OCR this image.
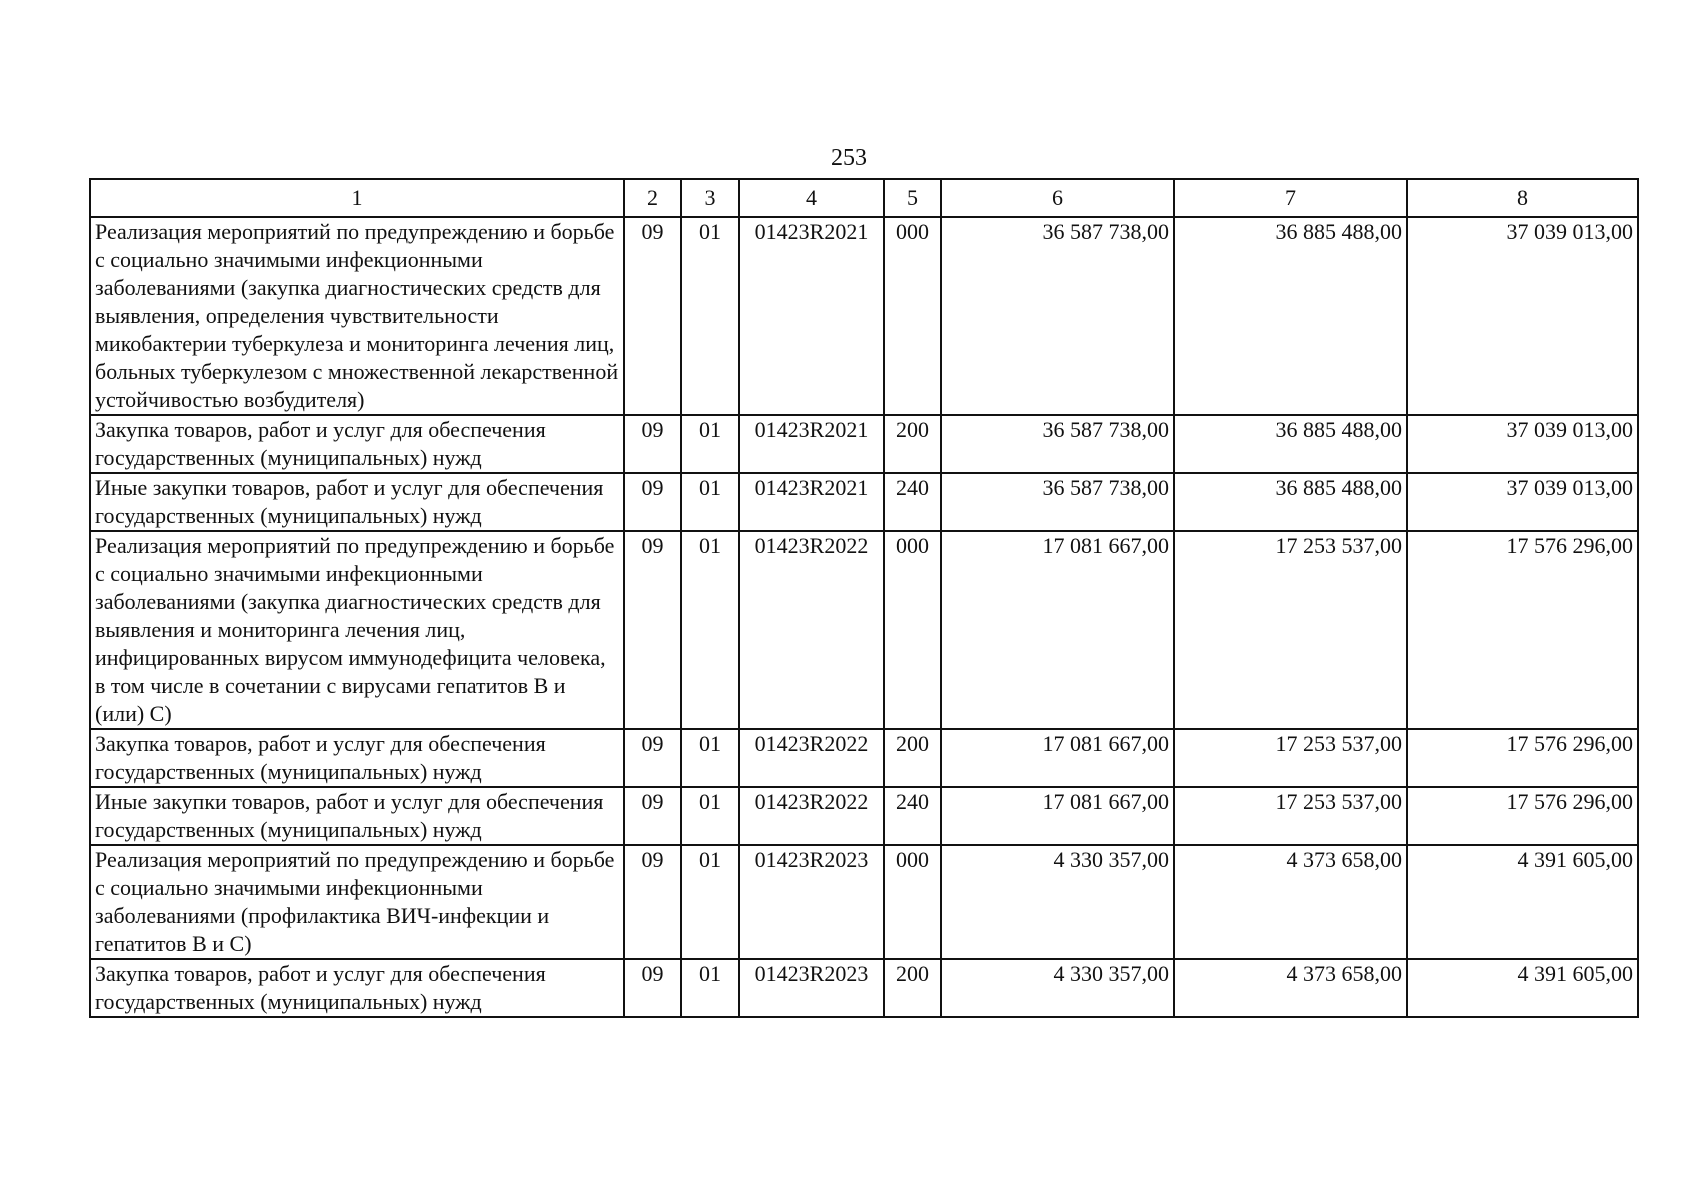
253
1	2	3	4	5	6	7	8
Реализация мероприятий по предупреждению и борьбе с социально значимыми инфекционными заболеваниями (закупка диагностических средств для выявления, определения чувствительности микобактерии туберкулеза и мониторинга лечения лиц, больных туберкулезом с множественной лекарственной устойчивостью возбудителя)	09	01	01423R2021	000	36 587 738,00	36 885 488,00	37 039 013,00
Закупка товаров, работ и услуг для обеспечения государственных (муниципальных) нужд	09	01	01423R2021	200	36 587 738,00	36 885 488,00	37 039 013,00
Иные закупки товаров, работ и услуг для обеспечения государственных (муниципальных) нужд	09	01	01423R2021	240	36 587 738,00	36 885 488,00	37 039 013,00
Реализация мероприятий по предупреждению и борьбе с социально значимыми инфекционными заболеваниями (закупка диагностических средств для выявления и мониторинга лечения лиц, инфицированных вирусом иммунодефицита человека, в том числе в сочетании с вирусами гепатитов B и (или) C)	09	01	01423R2022	000	17 081 667,00	17 253 537,00	17 576 296,00
Закупка товаров, работ и услуг для обеспечения государственных (муниципальных) нужд	09	01	01423R2022	200	17 081 667,00	17 253 537,00	17 576 296,00
Иные закупки товаров, работ и услуг для обеспечения государственных (муниципальных) нужд	09	01	01423R2022	240	17 081 667,00	17 253 537,00	17 576 296,00
Реализация мероприятий по предупреждению и борьбе с социально значимыми инфекционными заболеваниями (профилактика ВИЧ-инфекции и гепатитов B и C)	09	01	01423R2023	000	4 330 357,00	4 373 658,00	4 391 605,00
Закупка товаров, работ и услуг для обеспечения государственных (муниципальных) нужд	09	01	01423R2023	200	4 330 357,00	4 373 658,00	4 391 605,00
